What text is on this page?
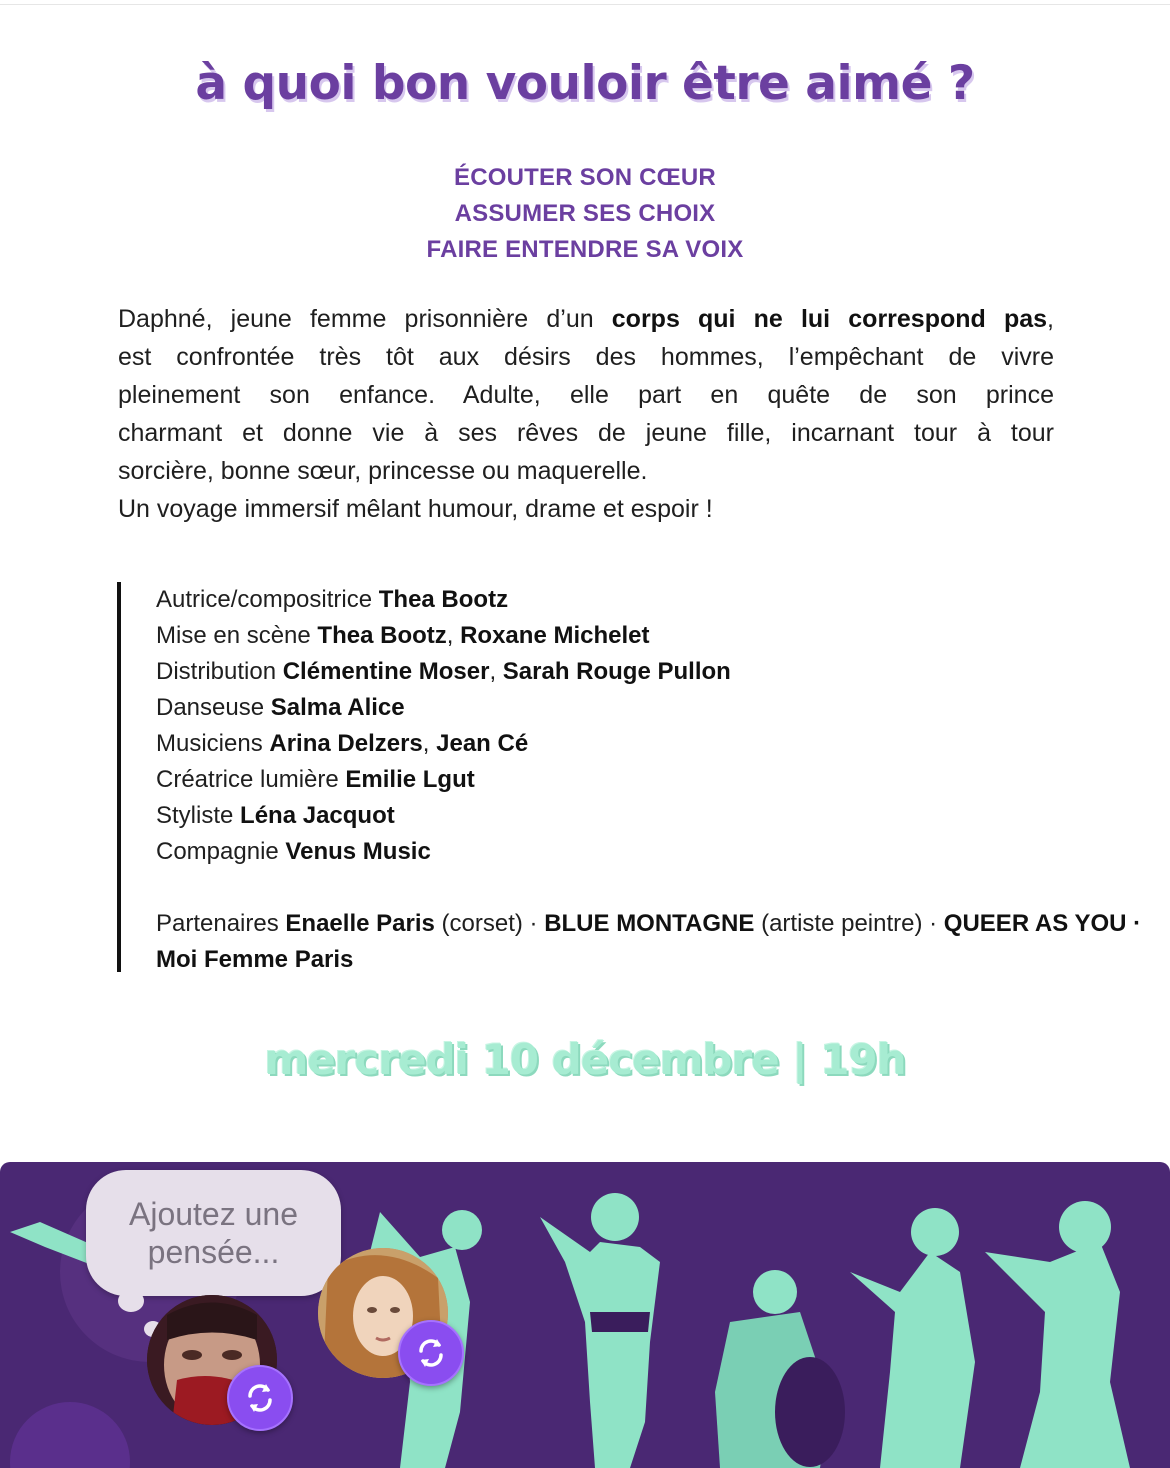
à quoi bon vouloir être aimé ?
ÉCOUTER SON CŒUR
ASSUMER SES CHOIX
FAIRE ENTENDRE SA VOIX
Daphné, jeune femme prisonnière d’un corps qui ne lui correspond pas,
est confrontée très tôt aux désirs des hommes, l’empêchant de vivre
pleinement son enfance. Adulte, elle part en quête de son prince
charmant et donne vie à ses rêves de jeune fille, incarnant tour à tour
sorcière, bonne sœur, princesse ou maquerelle.
Un voyage immersif mêlant humour, drame et espoir !
Autrice/compositrice Thea Bootz
Mise en scène Thea Bootz, Roxane Michelet
Distribution Clémentine Moser, Sarah Rouge Pullon
Danseuse Salma Alice
Musiciens Arina Delzers, Jean Cé
Créatrice lumière Emilie Lgut
Styliste Léna Jacquot
Compagnie Venus Music
Partenaires Enaelle Paris (corset) · BLUE MONTAGNE (artiste peintre) · QUEER AS YOU · Moi Femme Paris
mercredi 10 décembre | 19h
Ajoutez une pensée...
